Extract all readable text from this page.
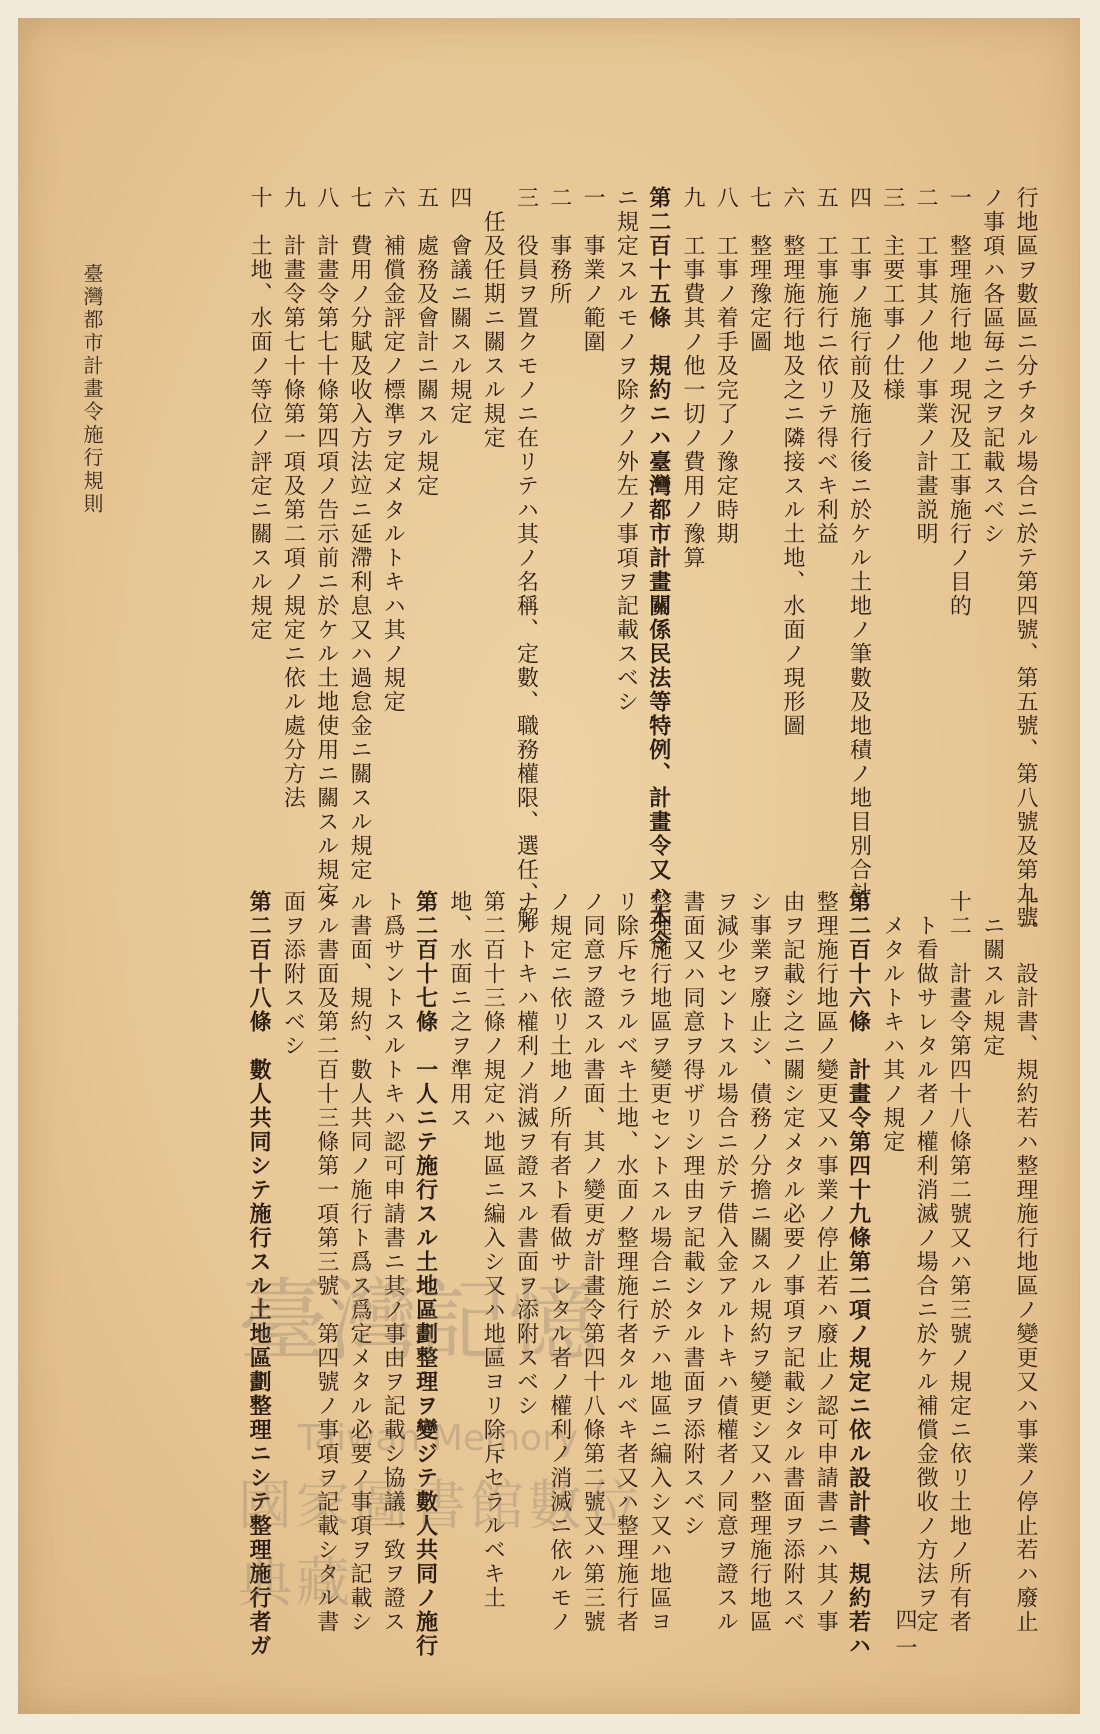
行地區ヲ數區ニ分チタル場合ニ於テ第四號、第五號、第八號及第九號
ノ事項ハ各區毎ニ之ヲ記載スベシ
一　整理施行地ノ現況及工事施行ノ目的
二　工事其ノ他ノ事業ノ計畫説明
三　主要工事ノ仕様
四　工事ノ施行前及施行後ニ於ケル土地ノ筆數及地積ノ地目別合計
五　工事施行ニ依リテ得ベキ利益
六　整理施行地及之ニ隣接スル土地、水面ノ現形圖
七　整理豫定圖
八　工事ノ着手及完了ノ豫定時期
九　工事費其ノ他一切ノ費用ノ豫算
第二百十五條　規約ニハ臺灣都市計畫關係民法等特例、計畫令又ハ本令
ニ規定スルモノヲ除クノ外左ノ事項ヲ記載スベシ
一　事業ノ範圍
二　事務所
三　役員ヲ置クモノニ在リテハ其ノ名稱、定數、職務權限、選任、解
任及任期ニ關スル規定
四　會議ニ關スル規定
五　處務及會計ニ關スル規定
六　補償金評定ノ標準ヲ定メタルトキハ其ノ規定
七　費用ノ分賦及收入方法竝ニ延滯利息又ハ過怠金ニ關スル規定
八　計畫令第七十條第四項ノ告示前ニ於ケル土地使用ニ關スル規定
九　計畫令第七十條第一項及第二項ノ規定ニ依ル處分方法
十　土地、水面ノ等位ノ評定ニ關スル規定
十一　設計書、規約若ハ整理施行地區ノ變更又ハ事業ノ停止若ハ廢止
ニ關スル規定
十二　計畫令第四十八條第二號又ハ第三號ノ規定ニ依リ土地ノ所有者
ト看做サレタル者ノ權利消滅ノ場合ニ於ケル補償金徴收ノ方法ヲ定
メタルトキハ其ノ規定
第二百十六條　計畫令第四十九條第二項ノ規定ニ依ル設計書、規約若ハ
整理施行地區ノ變更又ハ事業ノ停止若ハ廢止ノ認可申請書ニハ其ノ事
由ヲ記載シ之ニ關シ定メタル必要ノ事項ヲ記載シタル書面ヲ添附スベ
シ事業ヲ廢止シ、債務ノ分擔ニ關スル規約ヲ變更シ又ハ整理施行地區
ヲ減少セントスル場合ニ於テ借入金アルトキハ債權者ノ同意ヲ證スル
書面又ハ同意ヲ得ザリシ理由ヲ記載シタル書面ヲ添附スベシ
整理施行地區ヲ變更セントスル場合ニ於テハ地區ニ編入シ又ハ地區ヨ
リ除斥セラルベキ土地、水面ノ整理施行者タルベキ者又ハ整理施行者
ノ同意ヲ證スル書面、其ノ變更ガ計畫令第四十八條第二號又ハ第三號
ノ規定ニ依リ土地ノ所有者ト看做サレタル者ノ權利ノ消滅ニ依ルモノ
ナルトキハ權利ノ消滅ヲ證スル書面ヲ添附スベシ
第二百十三條ノ規定ハ地區ニ編入シ又ハ地區ヨリ除斥セラルベキ土
地、水面ニ之ヲ準用ス
第二百十七條　一人ニテ施行スル土地區劃整理ヲ變ジテ數人共同ノ施行
ト爲サントスルトキハ認可申請書ニ其ノ事由ヲ記載シ協議一致ヲ證ス
ル書面、規約、數人共同ノ施行ト爲ス爲定メタル必要ノ事項ヲ記載シ
タル書面及第二百十三條第一項第三號、第四號ノ事項ヲ記載シタル書
面ヲ添附スベシ
第二百十八條　數人共同シテ施行スル土地區劃整理ニシテ整理施行者ガ
臺灣都市計畫令施行規則
四一
臺灣記憶
Taiwan Memory
國家圖書館數位典藏
